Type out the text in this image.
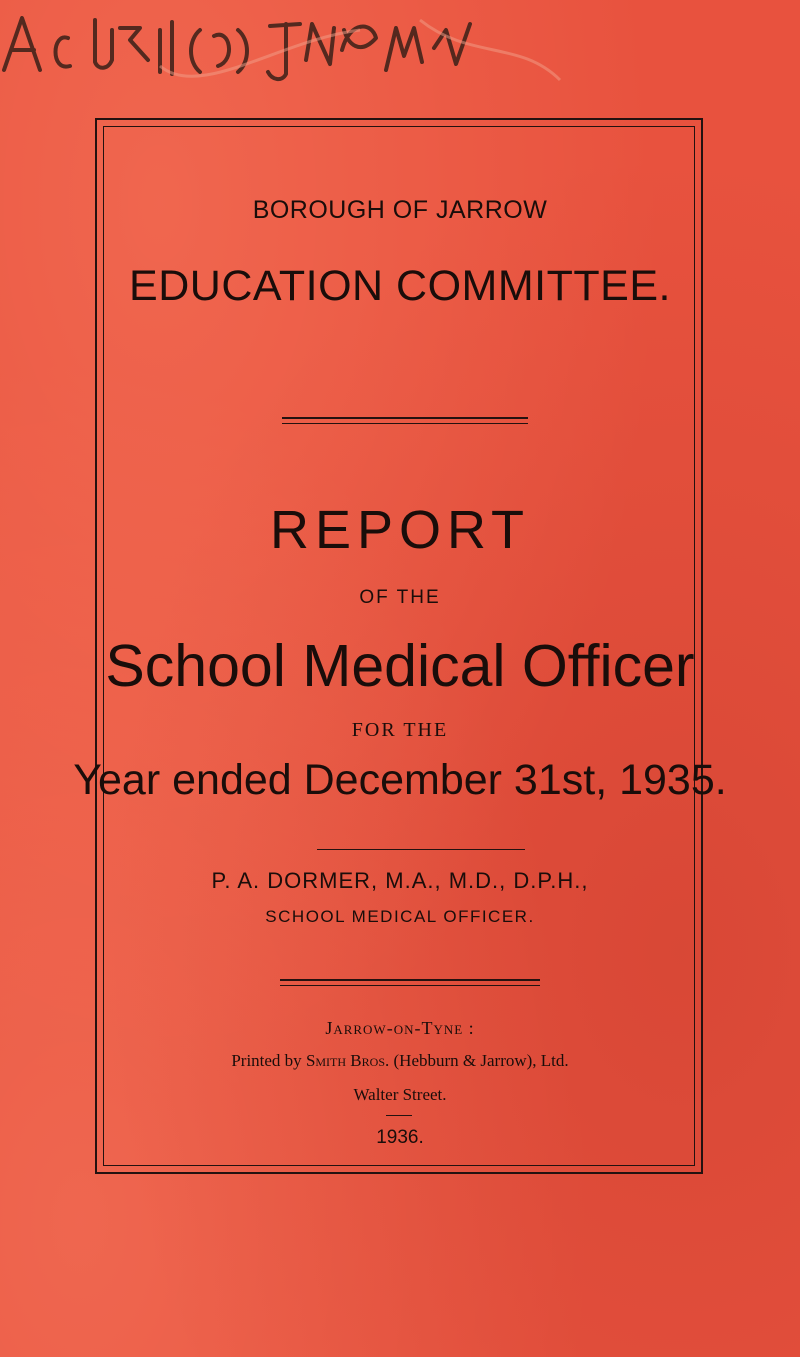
BOROUGH OF JARROW
EDUCATION COMMITTEE.
REPORT
OF THE
School Medical Officer
FOR THE
Year ended December 31st, 1935.
P. A. DORMER, M.A., M.D., D.P.H.,
SCHOOL MEDICAL OFFICER.
Jarrow-on-Tyne :
Printed by Smith Bros. (Hebburn & Jarrow), Ltd.
Walter Street.
1936.
